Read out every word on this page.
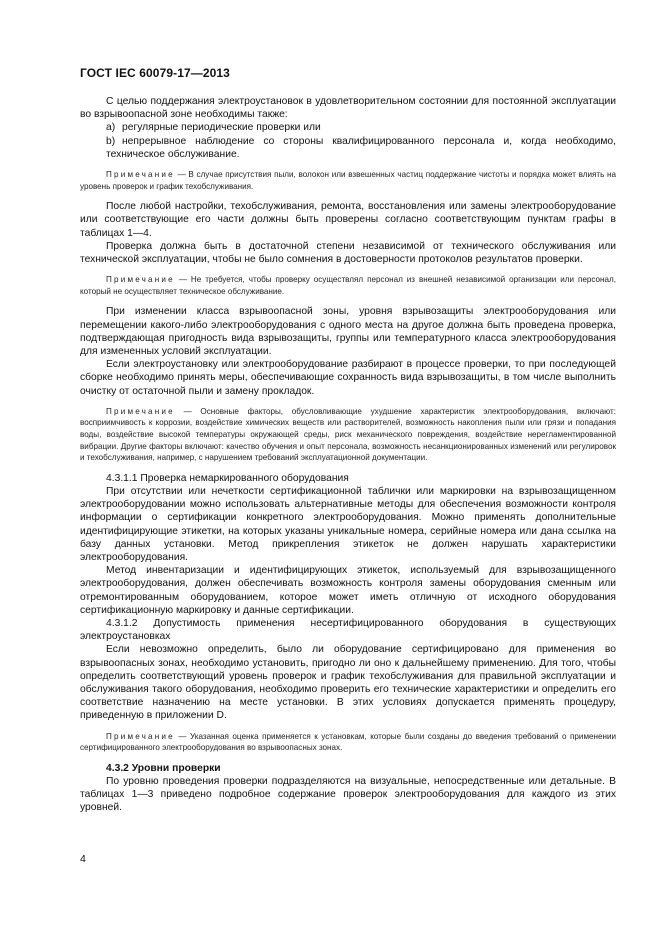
ГОСТ IEC 60079-17—2013

С целью поддержания электроустановок в удовлетворительном состоянии для постоянной эксплуатации во взрывоопасной зоне необходимы также:

a) регулярные периодические проверки или

b) непрерывное наблюдение со стороны квалифицированного персонала и, когда необходимо, техническое обслуживание.

Примечание — В случае присутствия пыли, волокон или взвешенных частиц поддержание чистоты и порядка может влиять на уровень проверок и график техобслуживания.

После любой настройки, техобслуживания, ремонта, восстановления или замены электрооборудование или соответствующие его части должны быть проверены согласно соответствующим пунктам графы в таблицах 1—4.

Проверка должна быть в достаточной степени независимой от технического обслуживания или технической эксплуатации, чтобы не было сомнения в достоверности протоколов результатов проверки.

Примечание — Не требуется, чтобы проверку осуществлял персонал из внешней независимой организации или персонал, который не осуществляет техническое обслуживание.

При изменении класса взрывоопасной зоны, уровня взрывозащиты электрооборудования или перемещении какого-либо электрооборудования с одного места на другое должна быть проведена проверка, подтверждающая пригодность вида взрывозащиты, группы или температурного класса электрооборудования для измененных условий эксплуатации.

Если электроустановку или электрооборудование разбирают в процессе проверки, то при последующей сборке необходимо принять меры, обеспечивающие сохранность вида взрывозащиты, в том числе выполнить очистку от остаточной пыли и замену прокладок.

Примечание — Основные факторы, обусловливающие ухудшение характеристик электрооборудования, включают: восприимчивость к коррозии, воздействие химических веществ или растворителей, возможность накопления пыли или грязи и попадания воды, воздействие высокой температуры окружающей среды, риск механического повреждения, воздействие нерегламентированной вибрации. Другие факторы включают: качество обучения и опыт персонала, возможность несанкционированных изменений или регулировок и техобслуживания, например, с нарушением требований эксплуатационной документации.

4.3.1.1 Проверка немаркированного оборудования

При отсутствии или нечеткости сертификационной таблички или маркировки на взрывозащищенном электрооборудовании можно использовать альтернативные методы для обеспечения возможности контроля информации о сертификации конкретного электрооборудования. Можно применять дополнительные идентифицирующие этикетки, на которых указаны уникальные номера, серийные номера или дана ссылка на базу данных установки. Метод прикрепления этикеток не должен нарушать характеристики электрооборудования.

Метод инвентаризации и идентифицирующих этикеток, используемый для взрывозащищенного электрооборудования, должен обеспечивать возможность контроля замены оборудования сменным или отремонтированным оборудованием, которое может иметь отличную от исходного оборудования сертификационную маркировку и данные сертификации.

4.3.1.2 Допустимость применения несертифицированного оборудования в существующих электроустановках

Если невозможно определить, было ли оборудование сертифицировано для применения во взрывоопасных зонах, необходимо установить, пригодно ли оно к дальнейшему применению. Для того, чтобы определить соответствующий уровень проверок и график техобслуживания для правильной эксплуатации и обслуживания такого оборудования, необходимо проверить его технические характеристики и определить его соответствие назначению на месте установки. В этих условиях допускается применять процедуру, приведенную в приложении D.

Примечание — Указанная оценка применяется к установкам, которые были созданы до введения требований о применении сертифицированного электрооборудования во взрывоопасных зонах.

4.3.2 Уровни проверки

По уровню проведения проверки подразделяются на визуальные, непосредственные или детальные. В таблицах 1—3 приведено подробное содержание проверок электрооборудования для каждого из этих уровней.

4
